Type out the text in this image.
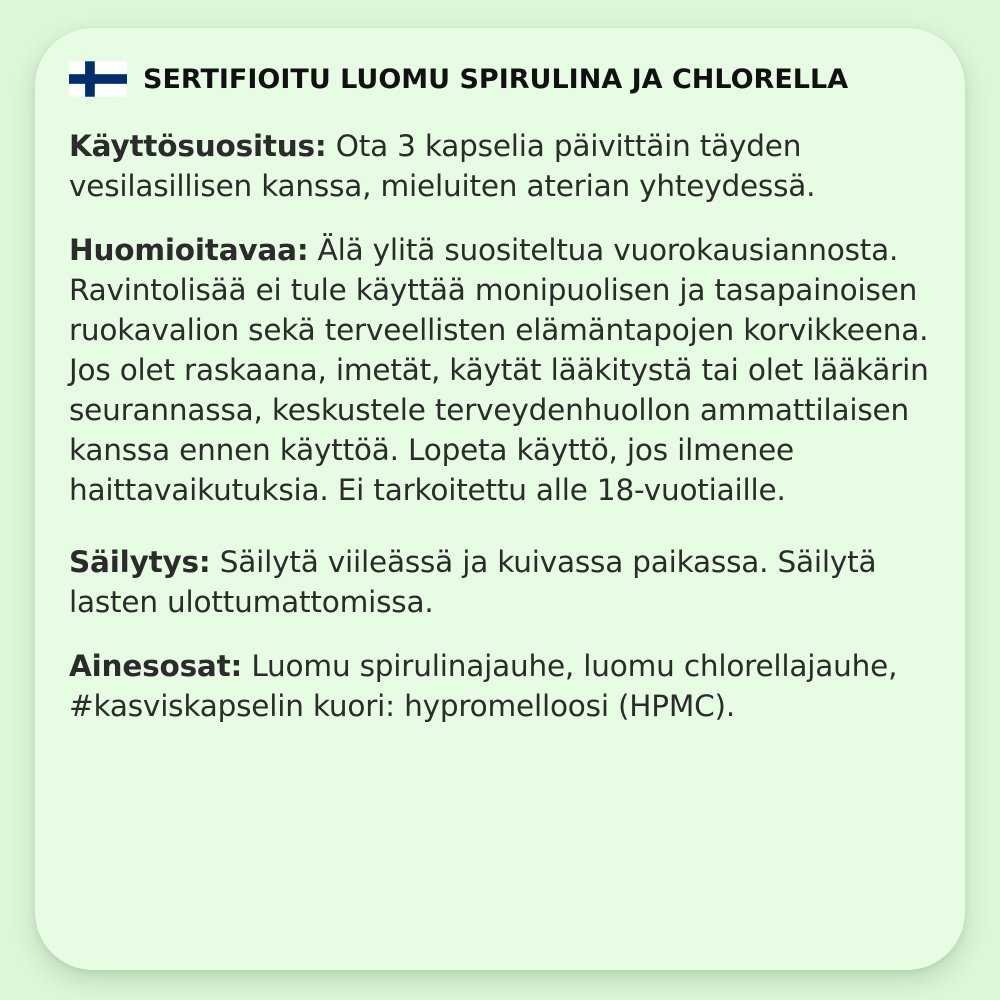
SERTIFIOITU LUOMU SPIRULINA JA CHLORELLA

Käyttösuositus: Ota 3 kapselia päivittäin täyden vesilasillisen kanssa, mieluiten aterian yhteydessä.

Huomioitavaa: Älä ylitä suositeltua vuorokausiannosta. Ravintolisää ei tule käyttää monipuolisen ja tasapainoisen ruokavalion sekä terveellisten elämäntapojen korvikkeena. Jos olet raskaana, imetät, käytät lääkitystä tai olet lääkärin seurannassa, keskustele terveydenhuollon ammattilaisen kanssa ennen käyttöä. Lopeta käyttö, jos ilmenee haittavaikutuksia. Ei tarkoitettu alle 18-vuotiaille.

Säilytys: Säilytä viileässä ja kuivassa paikassa. Säilytä lasten ulottumattomissa.

Ainesosat: Luomu spirulinajauhe, luomu chlorellajauhe, #kasviskapselin kuori: hypromelloosi (HPMC).
